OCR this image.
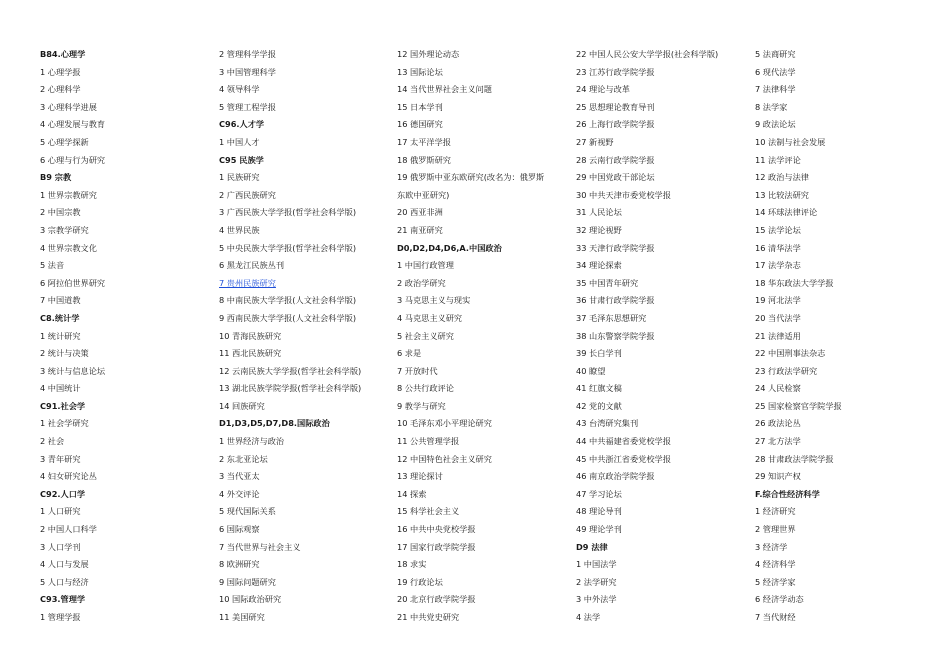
B84.心理学
1 心理学报
2 心理科学
3 心理科学进展
4 心理发展与教育
5 心理学探新
6 心理与行为研究
B9 宗教
1 世界宗教研究
2 中国宗教
3 宗教学研究
4 世界宗教文化
5 法音
6 阿拉伯世界研究
7 中国道教
C8.统计学
1 统计研究
2 统计与决策
3 统计与信息论坛
4 中国统计
C91.社会学
1 社会学研究
2 社会
3 青年研究
4 妇女研究论丛
C92.人口学
1 人口研究
2 中国人口科学
3 人口学刊
4 人口与发展
5 人口与经济
C93.管理学
1 管理学报
2 管理科学学报
3 中国管理科学
4 领导科学
5 管理工程学报
C96.人才学
1 中国人才
C95 民族学
1 民族研究
2 广西民族研究
3 广西民族大学学报(哲学社会科学版)
4 世界民族
5 中央民族大学学报(哲学社会科学版)
6 黑龙江民族丛刊
7 贵州民族研究
8 中南民族大学学报(人文社会科学版)
9 西南民族大学学报(人文社会科学版)
10 青海民族研究
11 西北民族研究
12 云南民族大学学报(哲学社会科学版)
13 湖北民族学院学报(哲学社会科学版)
14 回族研究
D1,D3,D5,D7,D8.国际政治
1 世界经济与政治
2 东北亚论坛
3 当代亚太
4 外交评论
5 现代国际关系
6 国际观察
7 当代世界与社会主义
8 欧洲研究
9 国际问题研究
10 国际政治研究
11 美国研究
12 国外理论动态
13 国际论坛
14 当代世界社会主义问题
15 日本学刊
16 德国研究
17 太平洋学报
18 俄罗斯研究
19 俄罗斯中亚东欧研究(改名为：俄罗斯
东欧中亚研究)
20 西亚非洲
21 南亚研究
D0,D2,D4,D6,A.中国政治
1 中国行政管理
2 政治学研究
3 马克思主义与现实
4 马克思主义研究
5 社会主义研究
6 求是
7 开放时代
8 公共行政评论
9 教学与研究
10 毛泽东邓小平理论研究
11 公共管理学报
12 中国特色社会主义研究
13 理论探讨
14 探索
15 科学社会主义
16 中共中央党校学报
17 国家行政学院学报
18 求实
19 行政论坛
20 北京行政学院学报
21 中共党史研究
22 中国人民公安大学学报(社会科学版)
23 江苏行政学院学报
24 理论与改革
25 思想理论教育导刊
26 上海行政学院学报
27 新视野
28 云南行政学院学报
29 中国党政干部论坛
30 中共天津市委党校学报
31 人民论坛
32 理论视野
33 天津行政学院学报
34 理论探索
35 中国青年研究
36 甘肃行政学院学报
37 毛泽东思想研究
38 山东警察学院学报
39 长白学刊
40 瞭望
41 红旗文稿
42 党的文献
43 台湾研究集刊
44 中共福建省委党校学报
45 中共浙江省委党校学报
46 南京政治学院学报
47 学习论坛
48 理论导刊
49 理论学刊
D9 法律
1 中国法学
2 法学研究
3 中外法学
4 法学
5 法商研究
6 现代法学
7 法律科学
8 法学家
9 政法论坛
10 法制与社会发展
11 法学评论
12 政治与法律
13 比较法研究
14 环球法律评论
15 法学论坛
16 清华法学
17 法学杂志
18 华东政法大学学报
19 河北法学
20 当代法学
21 法律适用
22 中国刑事法杂志
23 行政法学研究
24 人民检察
25 国家检察官学院学报
26 政法论丛
27 北方法学
28 甘肃政法学院学报
29 知识产权
F.综合性经济科学
1 经济研究
2 管理世界
3 经济学
4 经济科学
5 经济学家
6 经济学动态
7 当代财经
